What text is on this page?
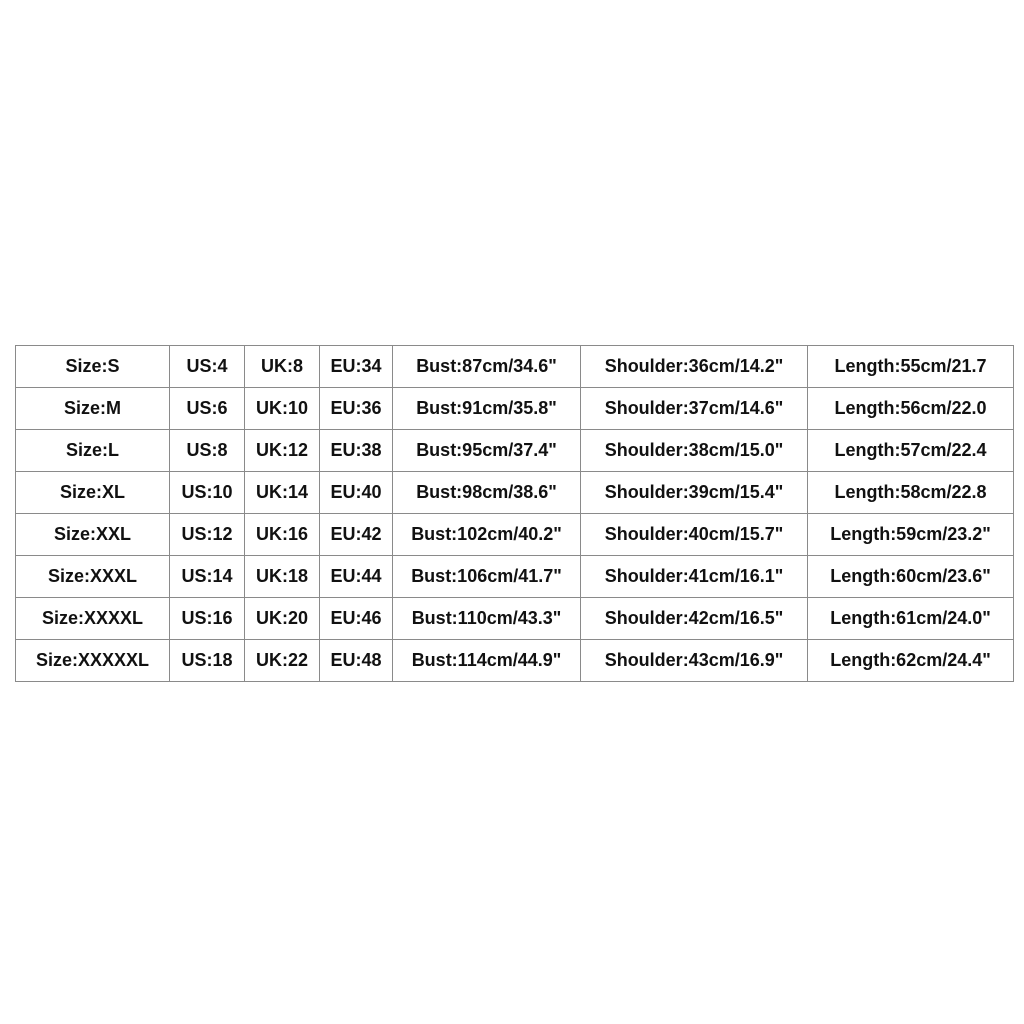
Size:S	US:4	UK:8	EU:34	Bust:87cm/34.6"	Shoulder:36cm/14.2"	Length:55cm/21.7
Size:M	US:6	UK:10	EU:36	Bust:91cm/35.8"	Shoulder:37cm/14.6"	Length:56cm/22.0
Size:L	US:8	UK:12	EU:38	Bust:95cm/37.4"	Shoulder:38cm/15.0"	Length:57cm/22.4
Size:XL	US:10	UK:14	EU:40	Bust:98cm/38.6"	Shoulder:39cm/15.4"	Length:58cm/22.8
Size:XXL	US:12	UK:16	EU:42	Bust:102cm/40.2"	Shoulder:40cm/15.7"	Length:59cm/23.2"
Size:XXXL	US:14	UK:18	EU:44	Bust:106cm/41.7"	Shoulder:41cm/16.1"	Length:60cm/23.6"
Size:XXXXL	US:16	UK:20	EU:46	Bust:110cm/43.3"	Shoulder:42cm/16.5"	Length:61cm/24.0"
Size:XXXXXL	US:18	UK:22	EU:48	Bust:114cm/44.9"	Shoulder:43cm/16.9"	Length:62cm/24.4"
